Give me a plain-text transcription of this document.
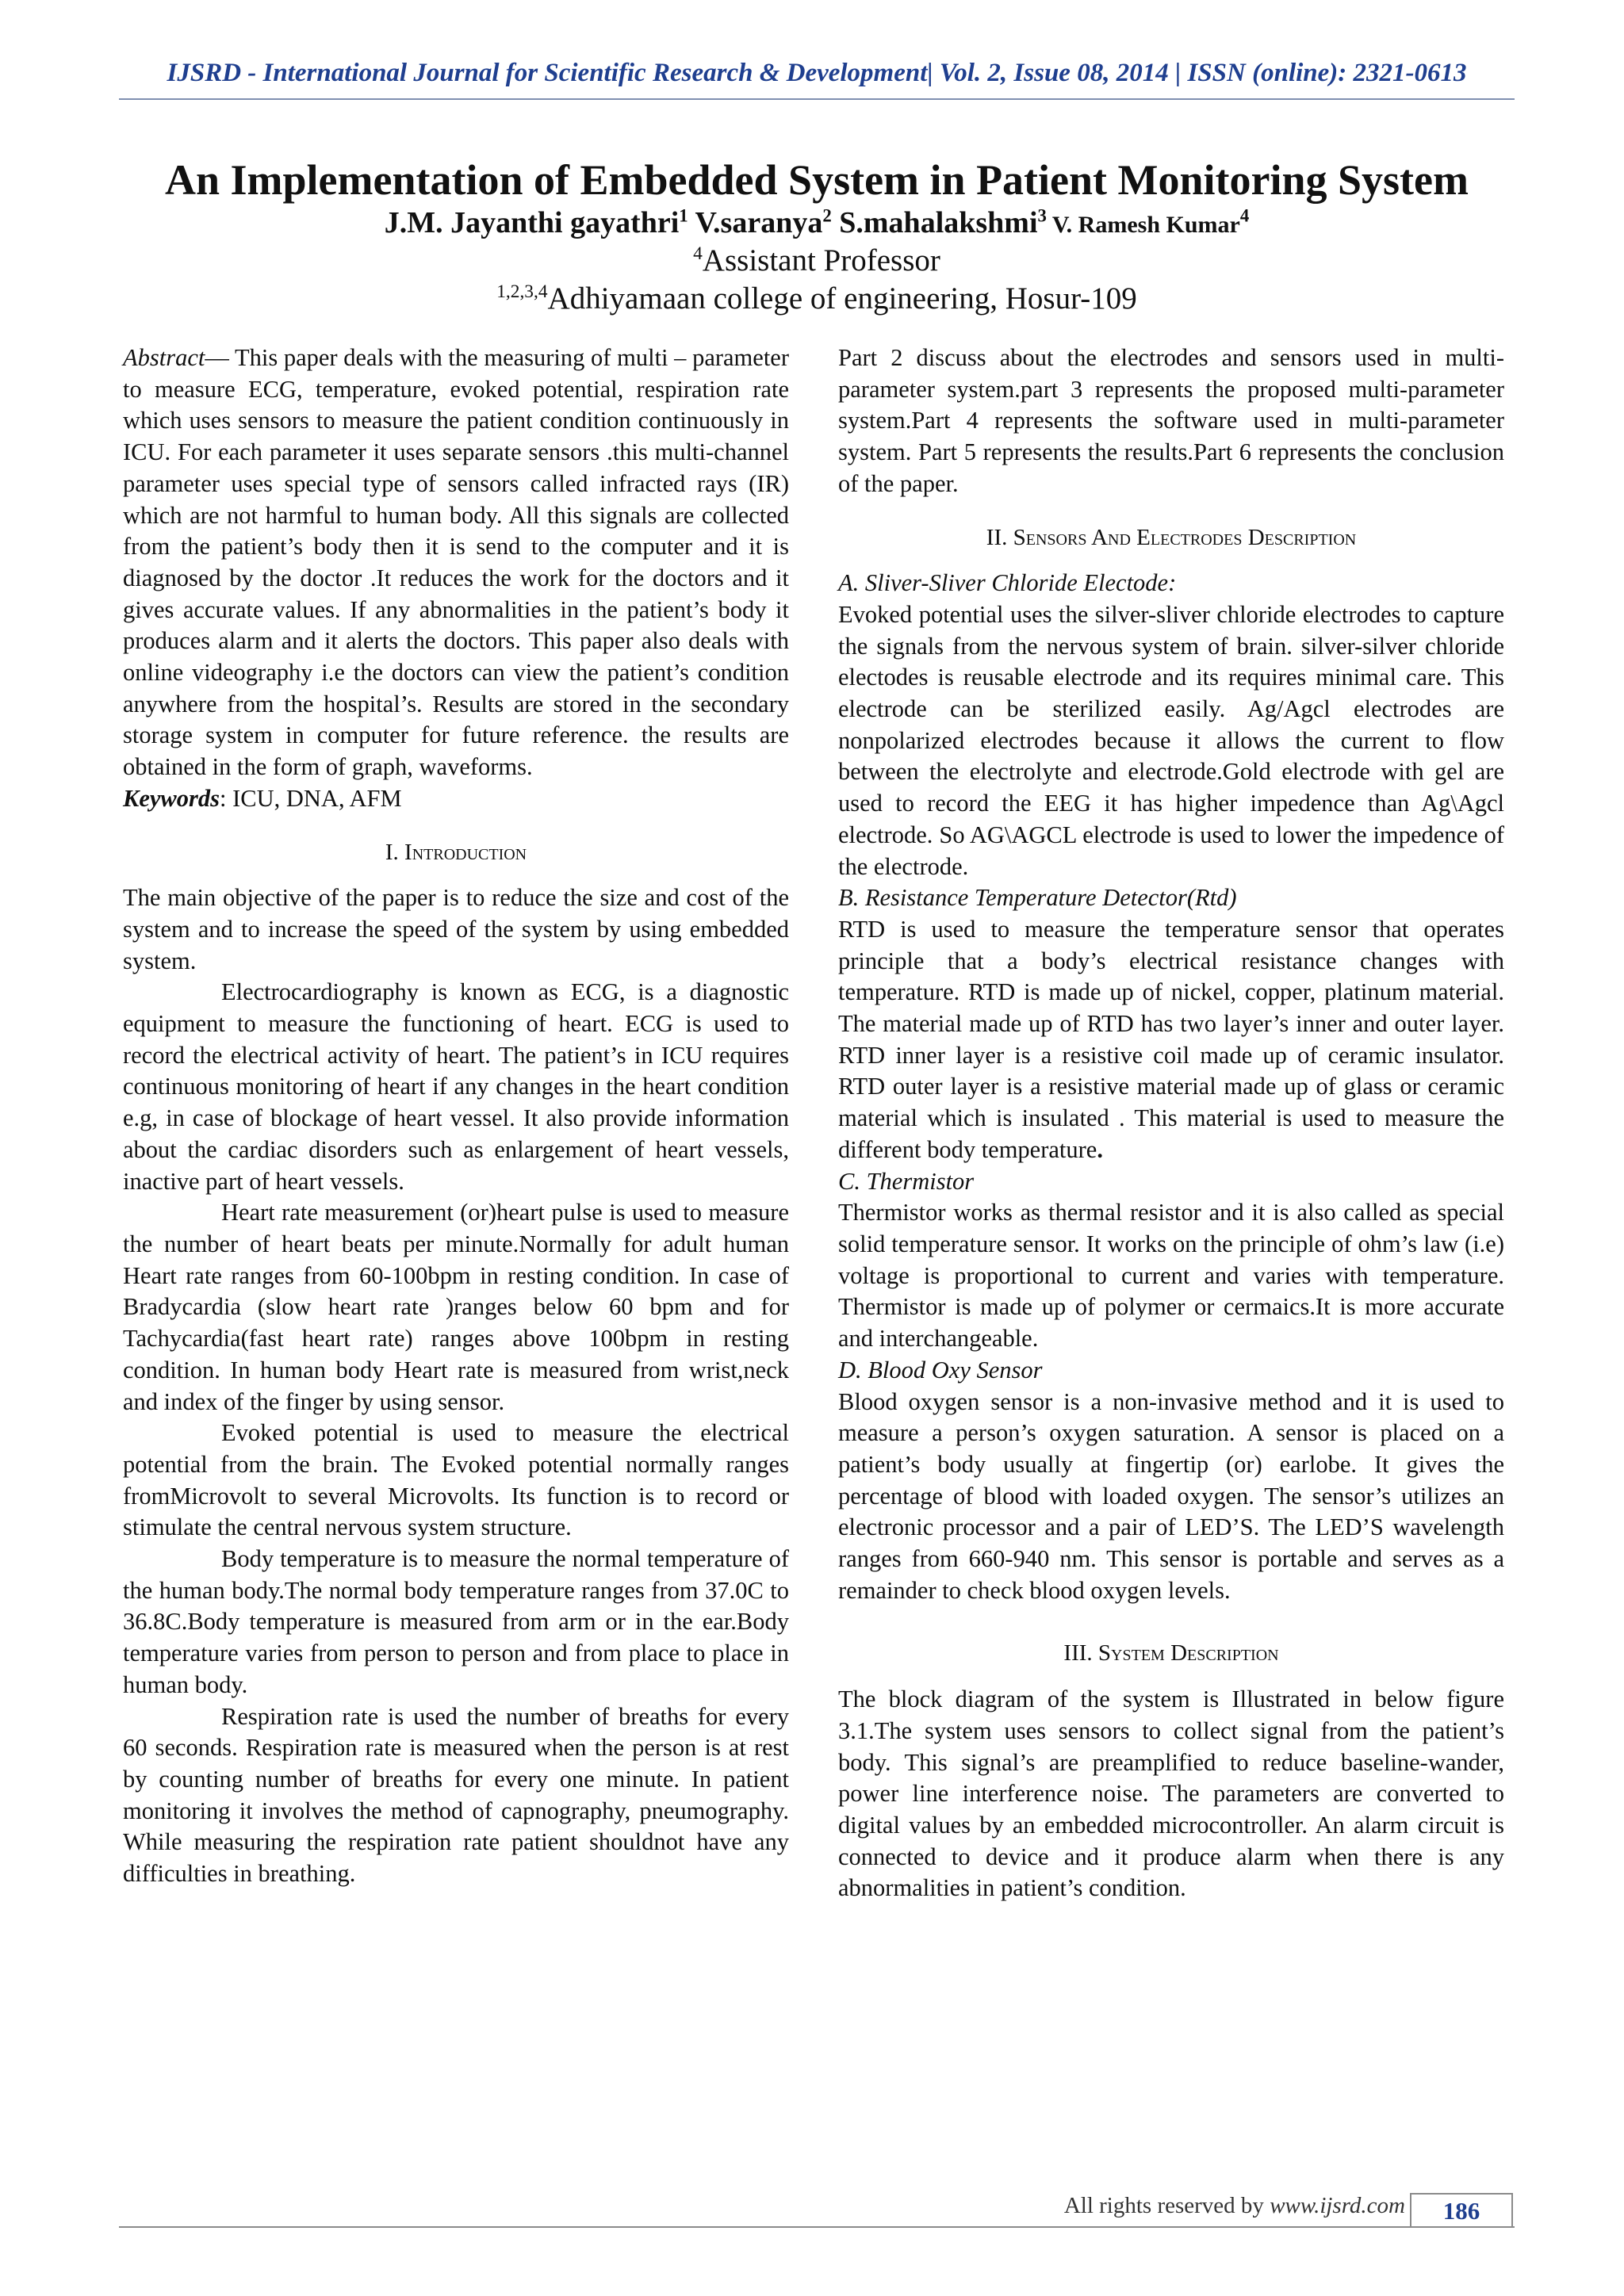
IJSRD - International Journal for Scientific Research & Development| Vol. 2, Issue 08, 2014 | ISSN (online): 2321-0613
An Implementation of Embedded System in Patient Monitoring System
J.M. Jayanthi gayathri$^1$ V.saranya$^2$ S.mahalakshmi$^3$ V. Ramesh Kumar$^4$
$^4$Assistant Professor
$^{1,2,3,4}$Adhiyamaan college of engineering, Hosur-109

Abstract— This paper deals with the measuring of multi – parameter to measure ECG, temperature, evoked potential, respiration rate which uses sensors to measure the patient condition continuously in ICU. For each parameter it uses separate sensors .this multi-channel parameter uses special type of sensors called infracted rays (IR) which are not harmful to human body. All this signals are collected from the patient’s body then it is send to the computer and it is diagnosed by the doctor .It reduces the work for the doctors and it gives accurate values. If any abnormalities in the patient’s body it produces alarm and it alerts the doctors. This paper also deals with online videography i.e the doctors can view the patient’s condition anywhere from the hospital’s. Results are stored in the secondary storage system in computer for future reference. the results are obtained in the form of graph, waveforms.

Keywords: ICU, DNA, AFM

I. Introduction

The main objective of the paper is to reduce the size and cost of the system and to increase the speed of the system by using embedded system.

Electrocardiography is known as ECG, is a diagnostic equipment to measure the functioning of heart. ECG is used to record the electrical activity of heart. The patient’s in ICU requires continuous monitoring of heart if any changes in the heart condition e.g, in case of blockage of heart vessel. It also provide information about the cardiac disorders such as enlargement of heart vessels, inactive part of heart vessels.

Heart rate measurement (or)heart pulse is used to measure the number of heart beats per minute.Normally for adult human Heart rate ranges from 60-100bpm in resting condition. In case of Bradycardia (slow heart rate )ranges below 60 bpm and for Tachycardia(fast heart rate) ranges above 100bpm in resting condition. In human body Heart rate is measured from wrist,neck and index of the finger by using sensor.

Evoked potential is used to measure the electrical potential from the brain. The Evoked potential normally ranges fromMicrovolt to several Microvolts. Its function is to record or stimulate the central nervous system structure.

Body temperature is to measure the normal temperature of the human body.The normal body temperature ranges from 37.0C to 36.8C.Body temperature is measured from arm or in the ear.Body temperature varies from person to person and from place to place in human body.

Respiration rate is used the number of breaths for every 60 seconds. Respiration rate is measured when the person is at rest by counting number of breaths for every one minute. In patient monitoring it involves the method of capnography, pneumography. While measuring the respiration rate patient shouldnot have any difficulties in breathing.

Part 2 discuss about the electrodes and sensors used in multi-parameter system.part 3 represents the proposed multi-parameter system.Part 4 represents the software used in multi-parameter system. Part 5 represents the results.Part 6 represents the conclusion of the paper.

II. Sensors And Electrodes Description
A. Sliver-Sliver Chloride Electode:

Evoked potential uses the silver-sliver chloride electrodes to capture the signals from the nervous system of brain. silver-silver chloride electodes is reusable electrode and its requires minimal care. This electrode can be sterilized easily. Ag/Agcl electrodes are nonpolarized electrodes because it allows the current to flow between the electrolyte and electrode.Gold electrode with gel are used to record the EEG it has higher impedence than Ag\Agcl electrode. So AG\AGCL electrode is used to lower the impedence of the electrode.

B. Resistance Temperature Detector(Rtd)

RTD is used to measure the temperature sensor that operates principle that a body’s electrical resistance changes with temperature. RTD is made up of nickel, copper, platinum material. The material made up of RTD has two layer’s inner and outer layer. RTD inner layer is a resistive coil made up of ceramic insulator. RTD outer layer is a resistive material made up of glass or ceramic material which is insulated . This material is used to measure the different body temperature.

C. Thermistor

Thermistor works as thermal resistor and it is also called as special solid temperature sensor. It works on the principle of ohm’s law (i.e) voltage is proportional to current and varies with temperature. Thermistor is made up of polymer or cermaics.It is more accurate and interchangeable.

D. Blood Oxy Sensor

Blood oxygen sensor is a non-invasive method and it is used to measure a person’s oxygen saturation. A sensor is placed on a patient’s body usually at fingertip (or) earlobe. It gives the percentage of blood with loaded oxygen. The sensor’s utilizes an electronic processor and a pair of LED’S. The LED’S wavelength ranges from 660-940 nm. This sensor is portable and serves as a remainder to check blood oxygen levels.

III. System Description

The block diagram of the system is Illustrated in below figure 3.1.The system uses sensors to collect signal from the patient’s body. This signal’s are preamplified to reduce baseline-wander, power line interference noise. The parameters are converted to digital values by an embedded microcontroller. An alarm circuit is connected to device and it produce alarm when there is any abnormalities in patient’s condition.

All rights reserved by www.ijsrd.com	186
